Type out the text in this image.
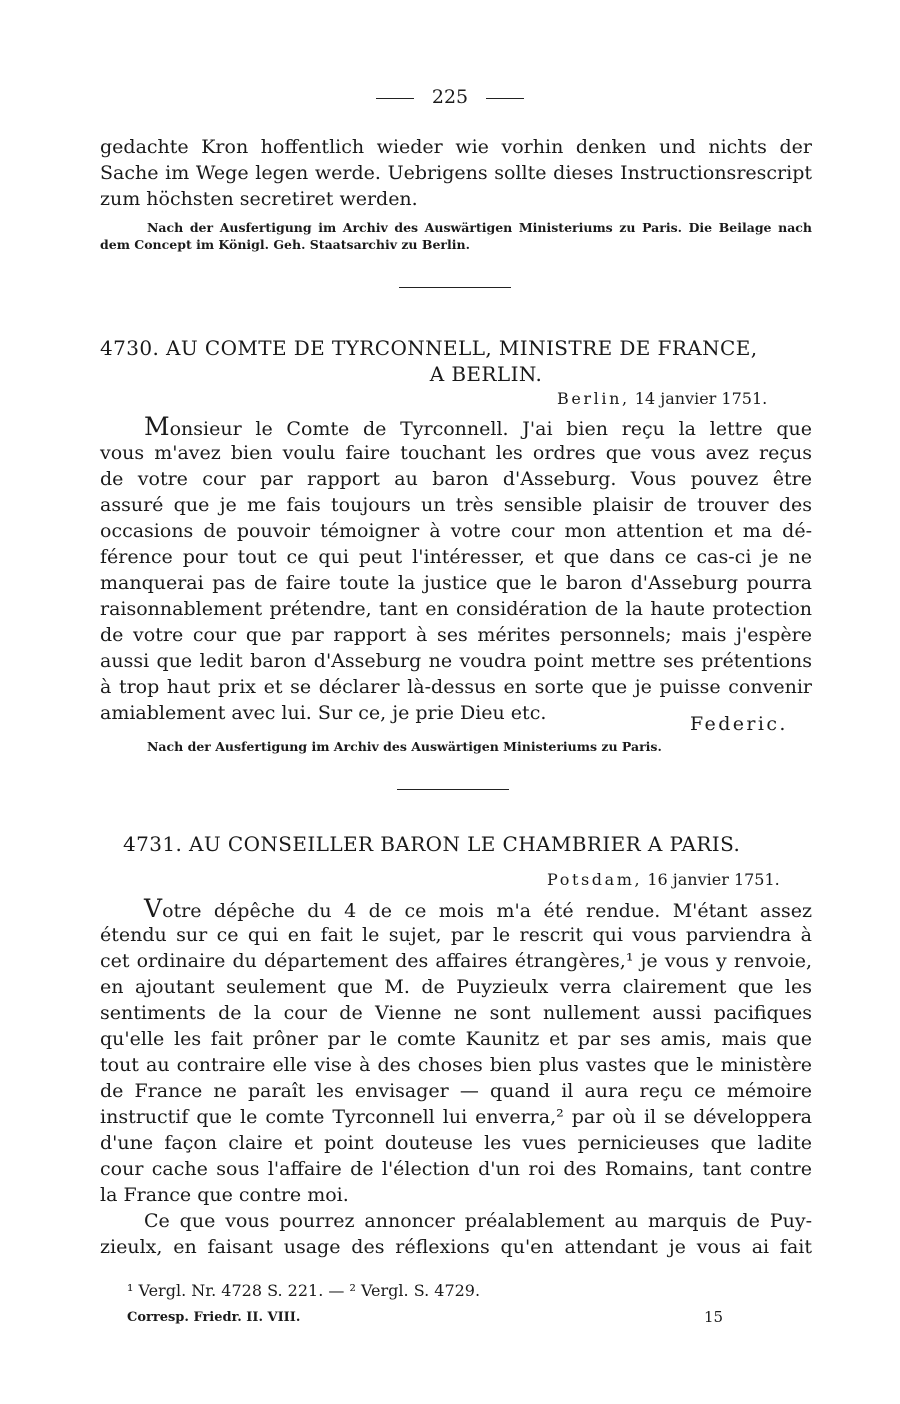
225
gedachte Kron hoffentlich wieder wie vorhin denken und nichts der
Sache im Wege legen werde. Uebrigens sollte dieses Instructionsrescript
zum höchsten secretiret werden.
Nach der Ausfertigung im Archiv des Auswärtigen Ministeriums zu Paris. Die Beilage nach
dem Concept im Königl. Geh. Staatsarchiv zu Berlin.
4730. AU COMTE DE TYRCONNELL, MINISTRE DE FRANCE,
A BERLIN.
Berlin, 14 janvier 1751.
Monsieur le Comte de Tyrconnell. J'ai bien reçu la lettre que
vous m'avez bien voulu faire touchant les ordres que vous avez reçus
de votre cour par rapport au baron d'Asseburg. Vous pouvez être
assuré que je me fais toujours un très sensible plaisir de trouver des
occasions de pouvoir témoigner à votre cour mon attention et ma dé-
férence pour tout ce qui peut l'intéresser, et que dans ce cas-ci je ne
manquerai pas de faire toute la justice que le baron d'Asseburg pourra
raisonnablement prétendre, tant en considération de la haute protection
de votre cour que par rapport à ses mérites personnels; mais j'espère
aussi que ledit baron d'Asseburg ne voudra point mettre ses prétentions
à trop haut prix et se déclarer là-dessus en sorte que je puisse convenir
amiablement avec lui. Sur ce, je prie Dieu etc.	Federic.
Nach der Ausfertigung im Archiv des Auswärtigen Ministeriums zu Paris.
4731. AU CONSEILLER BARON LE CHAMBRIER A PARIS.
Potsdam, 16 janvier 1751.
Votre dépêche du 4 de ce mois m'a été rendue. M'étant assez
étendu sur ce qui en fait le sujet, par le rescrit qui vous parviendra à
cet ordinaire du département des affaires étrangères,¹ je vous y renvoie,
en ajoutant seulement que M. de Puyzieulx verra clairement que les
sentiments de la cour de Vienne ne sont nullement aussi pacifiques
qu'elle les fait prôner par le comte Kaunitz et par ses amis, mais que
tout au contraire elle vise à des choses bien plus vastes que le ministère
de France ne paraît les envisager — quand il aura reçu ce mémoire
instructif que le comte Tyrconnell lui enverra,² par où il se développera
d'une façon claire et point douteuse les vues pernicieuses que ladite
cour cache sous l'affaire de l'élection d'un roi des Romains, tant contre
la France que contre moi.
Ce que vous pourrez annoncer préalablement au marquis de Puy-
zieulx, en faisant usage des réflexions qu'en attendant je vous ai fait
¹ Vergl. Nr. 4728 S. 221. — ² Vergl. S. 4729.
Corresp. Friedr. II. VIII.	15
